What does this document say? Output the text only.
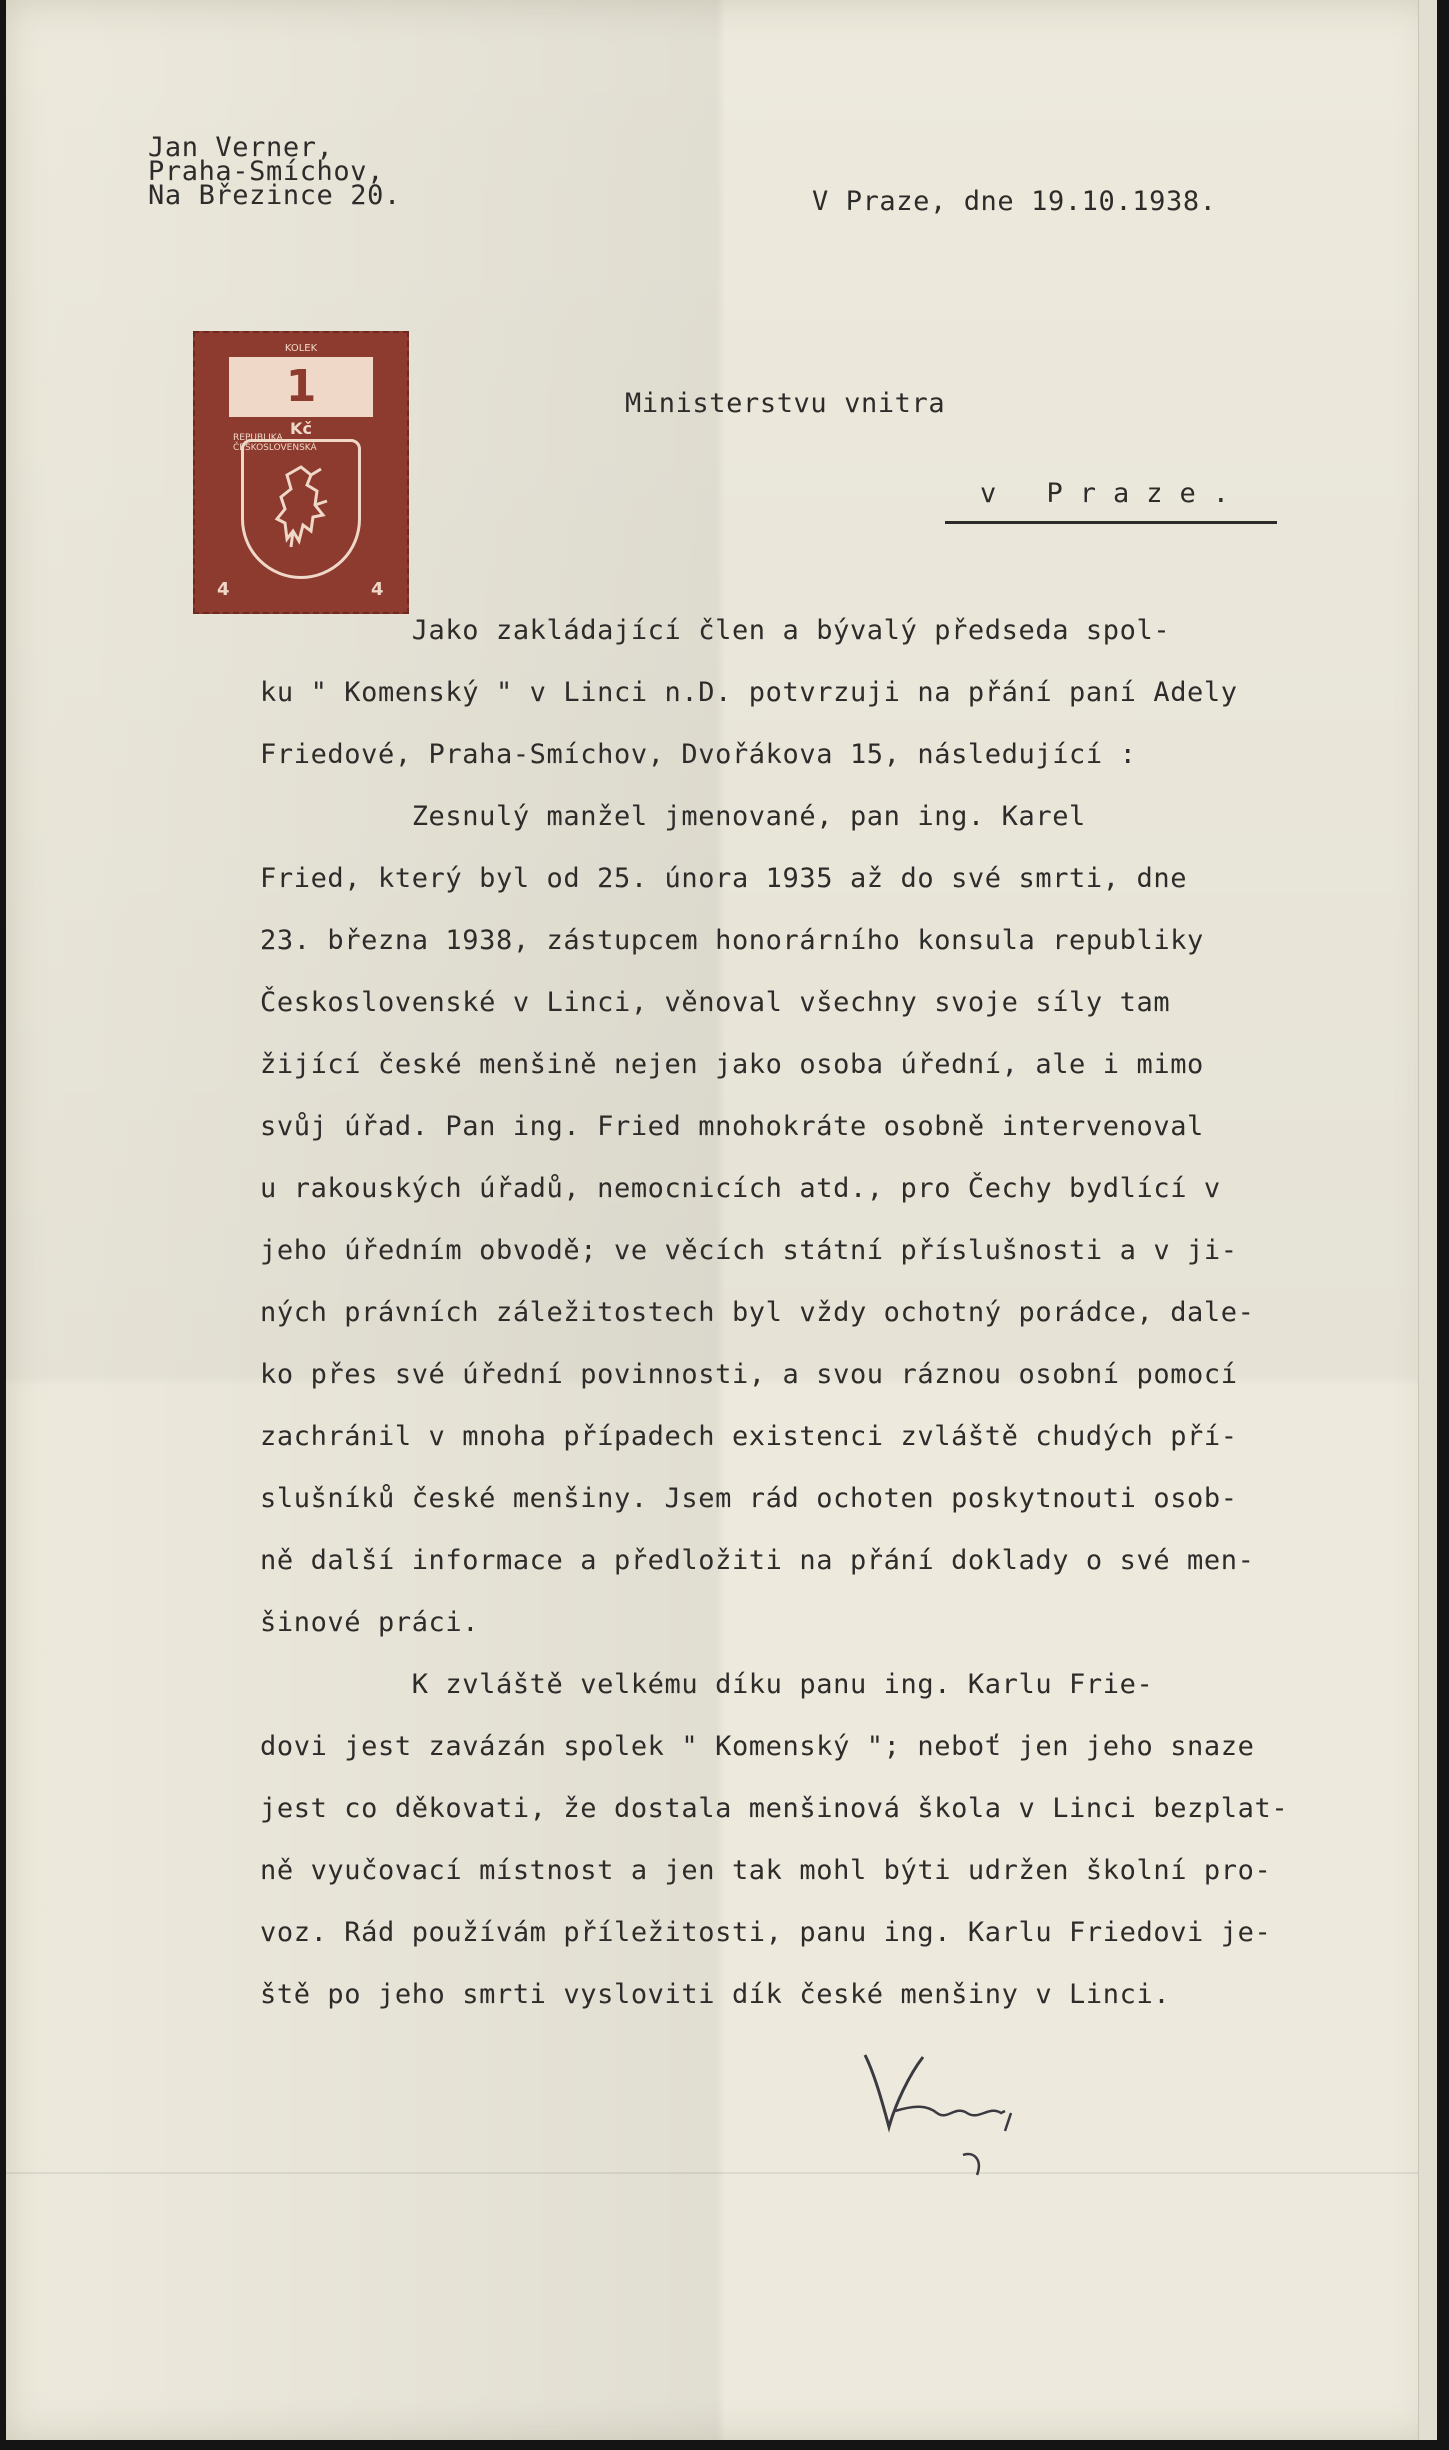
Jan Verner,
Praha-Smíchov,
Na Březince 20.	V Praze, dne 19.10.1938.
Ministerstvu vnitra
v Praze.
KOLEK
1
Kč
REPUBLIKA ČESKOSLOVENSKÁ
4	4
Jako zakládající člen a bývalý předseda spol-
ku " Komenský " v Linci n.D. potvrzuji na přání paní Adely
Friedové, Praha-Smíchov, Dvořákova 15, následující :
Zesnulý manžel jmenované, pan ing. Karel
Fried, který byl od 25. února 1935 až do své smrti, dne
23. března 1938, zástupcem honorárního konsula republiky
Československé v Linci, věnoval všechny svoje síly tam
žijící české menšině nejen jako osoba úřední, ale i mimo
svůj úřad. Pan ing. Fried mnohokráte osobně intervenoval
u rakouských úřadů, nemocnicích atd., pro Čechy bydlící v
jeho úředním obvodě; ve věcích státní příslušnosti a v ji-
ných právních záležitostech byl vždy ochotný porádce, dale-
ko přes své úřední povinnosti, a svou ráznou osobní pomocí
zachránil v mnoha případech existenci zvláště chudých pří-
slušníků české menšiny. Jsem rád ochoten poskytnouti osob-
ně další informace a předložiti na přání doklady o své men-
šinové práci.
K zvláště velkému díku panu ing. Karlu Frie-
dovi jest zavázán spolek " Komenský "; neboť jen jeho snaze
jest co děkovati, že dostala menšinová škola v Linci bezplat-
ně vyučovací místnost a jen tak mohl býti udržen školní pro-
voz. Rád používám příležitosti, panu ing. Karlu Friedovi je-
ště po jeho smrti vysloviti dík české menšiny v Linci.
